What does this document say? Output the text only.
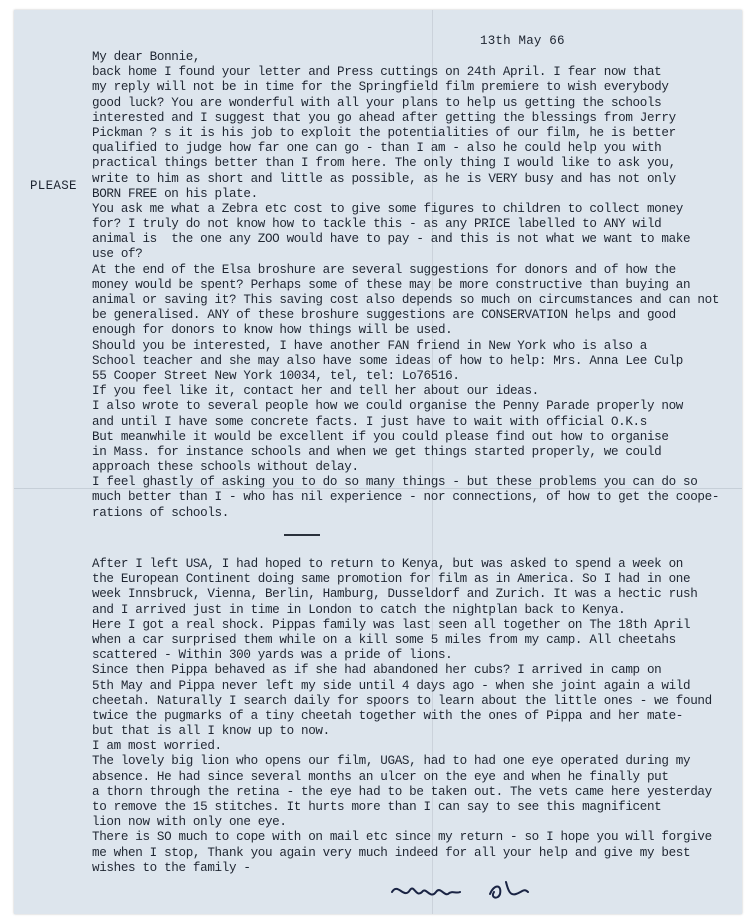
13th May 66
PLEASE
My dear Bonnie,
back home I found your letter and Press cuttings on 24th April. I fear now that
my reply will not be in time for the Springfield film premiere to wish everybody
good luck? You are wonderful with all your plans to help us getting the schools
interested and I suggest that you go ahead after getting the blessings from Jerry
Pickman ? s it is his job to exploit the potentialities of our film, he is better
qualified to judge how far one can go - than I am - also he could help you with
practical things better than I from here. The only thing I would like to ask you,
write to him as short and little as possible, as he is VERY busy and has not only
BORN FREE on his plate.
You ask me what a Zebra etc cost to give some figures to children to collect money
for? I truly do not know how to tackle this - as any PRICE labelled to ANY wild
animal is  the one any ZOO would have to pay - and this is not what we want to make
use of?
At the end of the Elsa broshure are several suggestions for donors and of how the
money would be spent? Perhaps some of these may be more constructive than buying an
animal or saving it? This saving cost also depends so much on circumstances and can not
be generalised. ANY of these broshure suggestions are CONSERVATION helps and good
enough for donors to know how things will be used.
Should you be interested, I have another FAN friend in New York who is also a
School teacher and she may also have some ideas of how to help: Mrs. Anna Lee Culp
55 Cooper Street New York 10034, tel, tel: Lo76516.
If you feel like it, contact her and tell her about our ideas.
I also wrote to several people how we could organise the Penny Parade properly now
and until I have some concrete facts. I just have to wait with official O.K.s
But meanwhile it would be excellent if you could please find out how to organise
in Mass. for instance schools and when we get things started properly, we could
approach these schools without delay.
I feel ghastly of asking you to do so many things - but these problems you can do so
much better than I - who has nil experience - nor connections, of how to get the coope-
rations of schools.
After I left USA, I had hoped to return to Kenya, but was asked to spend a week on
the European Continent doing same promotion for film as in America. So I had in one
week Innsbruck, Vienna, Berlin, Hamburg, Dusseldorf and Zurich. It was a hectic rush
and I arrived just in time in London to catch the nightplan back to Kenya.
Here I got a real shock. Pippas family was last seen all together on The 18th April
when a car surprised them while on a kill some 5 miles from my camp. All cheetahs
scattered - Within 300 yards was a pride of lions.
Since then Pippa behaved as if she had abandoned her cubs? I arrived in camp on
5th May and Pippa never left my side until 4 days ago - when she joint again a wild
cheetah. Naturally I search daily for spoors to learn about the little ones - we found
twice the pugmarks of a tiny cheetah together with the ones of Pippa and her mate-
but that is all I know up to now.
I am most worried.
The lovely big lion who opens our film, UGAS, had to had one eye operated during my
absence. He had since several months an ulcer on the eye and when he finally put
a thorn through the retina - the eye had to be taken out. The vets came here yesterday
to remove the 15 stitches. It hurts more than I can say to see this magnificent
lion now with only one eye.
There is SO much to cope with on mail etc since my return - so I hope you will forgive
me when I stop, Thank you again very much indeed for all your help and give my best
wishes to the family -
